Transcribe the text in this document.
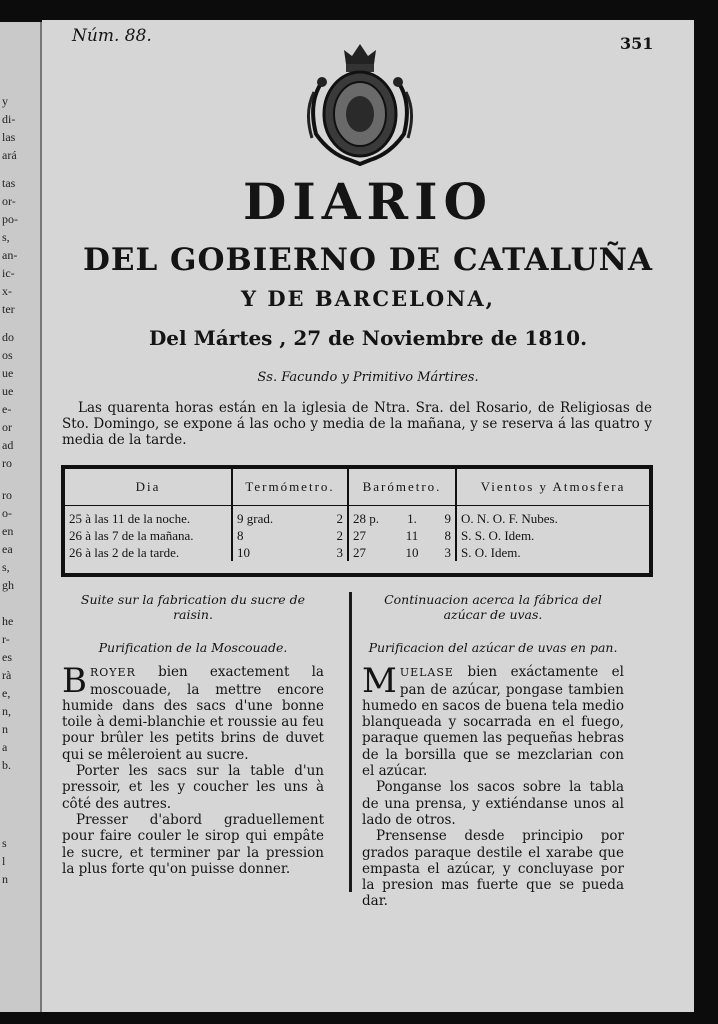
y
di-
las
ará
tas
or-
po-
s,
an-
ic-
x-
ter
do
os
ue
ue
e-
or
ad
ro
ro
o-
en
ea
s,
gh
he
r-
es
rà
e,
n,
n
a
b.
s
l
n
Núm. 88.	351
DIARIO
DEL GOBIERNO DE CATALUÑA
Y DE BARCELONA,
Del Mártes , 27 de Noviembre de 1810.
Ss. Facundo y Primitivo Mártires.
Las quarenta horas están en la iglesia de Ntra. Sra. del Rosario, de Religiosas de Sto. Domingo, se expone á las ocho y media de la mañana, y se reserva á las quatro y media de la tarde.
Dia	Termómetro.	Barómetro.	Vientos y Atmosfera
25 à las 11 de la noche.	9 grad. 2	28 p. 1. 9	O. N. O. F. Nubes.
26 à las 7 de la mañana.	8 2	27 11 8	S. S. O. Idem.
26 à las 2 de la tarde.	10 3	27 10 3	S. O. Idem.
Suite sur la fabrication du sucre de raisin.
Purification de la Moscouade.

BROYER bien exactement la moscouade, la mettre encore humide dans des sacs d'une bonne toile à demi-blanchie et roussie au feu pour brûler les petits brins de duvet qui se mêleroient au sucre.

Porter les sacs sur la table d'un pressoir, et les y coucher les uns à côté des autres.

Presser d'abord graduellement pour faire couler le sirop qui empâte le sucre, et terminer par la pression la plus forte qu'on puisse donner.

Continuacion acerca la fábrica del azúcar de uvas.
Purificacion del azúcar de uvas en pan.

MUELASE bien exáctamente el pan de azúcar, pongase tambien humedo en sacos de buena tela medio blanqueada y socarrada en el fuego, paraque quemen las pequeñas hebras de la borsilla que se mezclarian con el azúcar.

Ponganse los sacos sobre la tabla de una prensa, y extiéndanse unos al lado de otros.

Prensense desde principio por grados paraque destile el xarabe que empasta el azúcar, y concluyase por la presion mas fuerte que se pueda dar.
